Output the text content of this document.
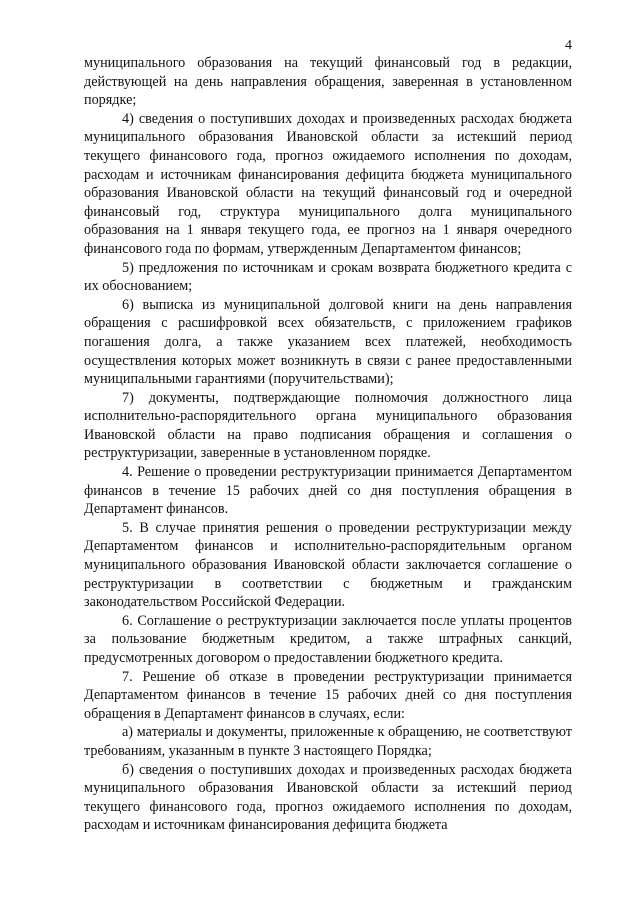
4

муниципального образования на текущий финансовый год в редакции, действующей на день направления обращения, заверенная в установленном порядке;

4) сведения о поступивших доходах и произведенных расходах бюджета муниципального образования Ивановской области за истекший период текущего финансового года, прогноз ожидаемого исполнения по доходам, расходам и источникам финансирования дефицита бюджета муниципального образования Ивановской области на текущий финансовый год и очередной финансовый год, структура муниципального долга муниципального образования на 1 января текущего года, ее прогноз на 1 января очередного финансового года по формам, утвержденным Департаментом финансов;

5) предложения по источникам и срокам возврата бюджетного кредита с их обоснованием;

6) выписка из муниципальной долговой книги на день направления обращения с расшифровкой всех обязательств, с приложением графиков погашения долга, а также указанием всех платежей, необходимость осуществления которых может возникнуть в связи с ранее предоставленными муниципальными гарантиями (поручительствами);

7) документы, подтверждающие полномочия должностного лица исполнительно-распорядительного органа муниципального образования Ивановской области на право подписания обращения и соглашения о реструктуризации, заверенные в установленном порядке.

4. Решение о проведении реструктуризации принимается Департаментом финансов в течение 15 рабочих дней со дня поступления обращения в Департамент финансов.

5. В случае принятия решения о проведении реструктуризации между Департаментом финансов и исполнительно-распорядительным органом муниципального образования Ивановской области заключается соглашение о реструктуризации в соответствии с бюджетным и гражданским законодательством Российской Федерации.

6. Соглашение о реструктуризации заключается после уплаты процентов за пользование бюджетным кредитом, а также штрафных санкций, предусмотренных договором о предоставлении бюджетного кредита.

7. Решение об отказе в проведении реструктуризации принимается Департаментом финансов в течение 15 рабочих дней со дня поступления обращения в Департамент финансов в случаях, если:

а) материалы и документы, приложенные к обращению, не соответствуют требованиям, указанным в пункте 3 настоящего Порядка;

б) сведения о поступивших доходах и произведенных расходах бюджета муниципального образования Ивановской области за истекший период текущего финансового года, прогноз ожидаемого исполнения по доходам, расходам и источникам финансирования дефицита бюджета
